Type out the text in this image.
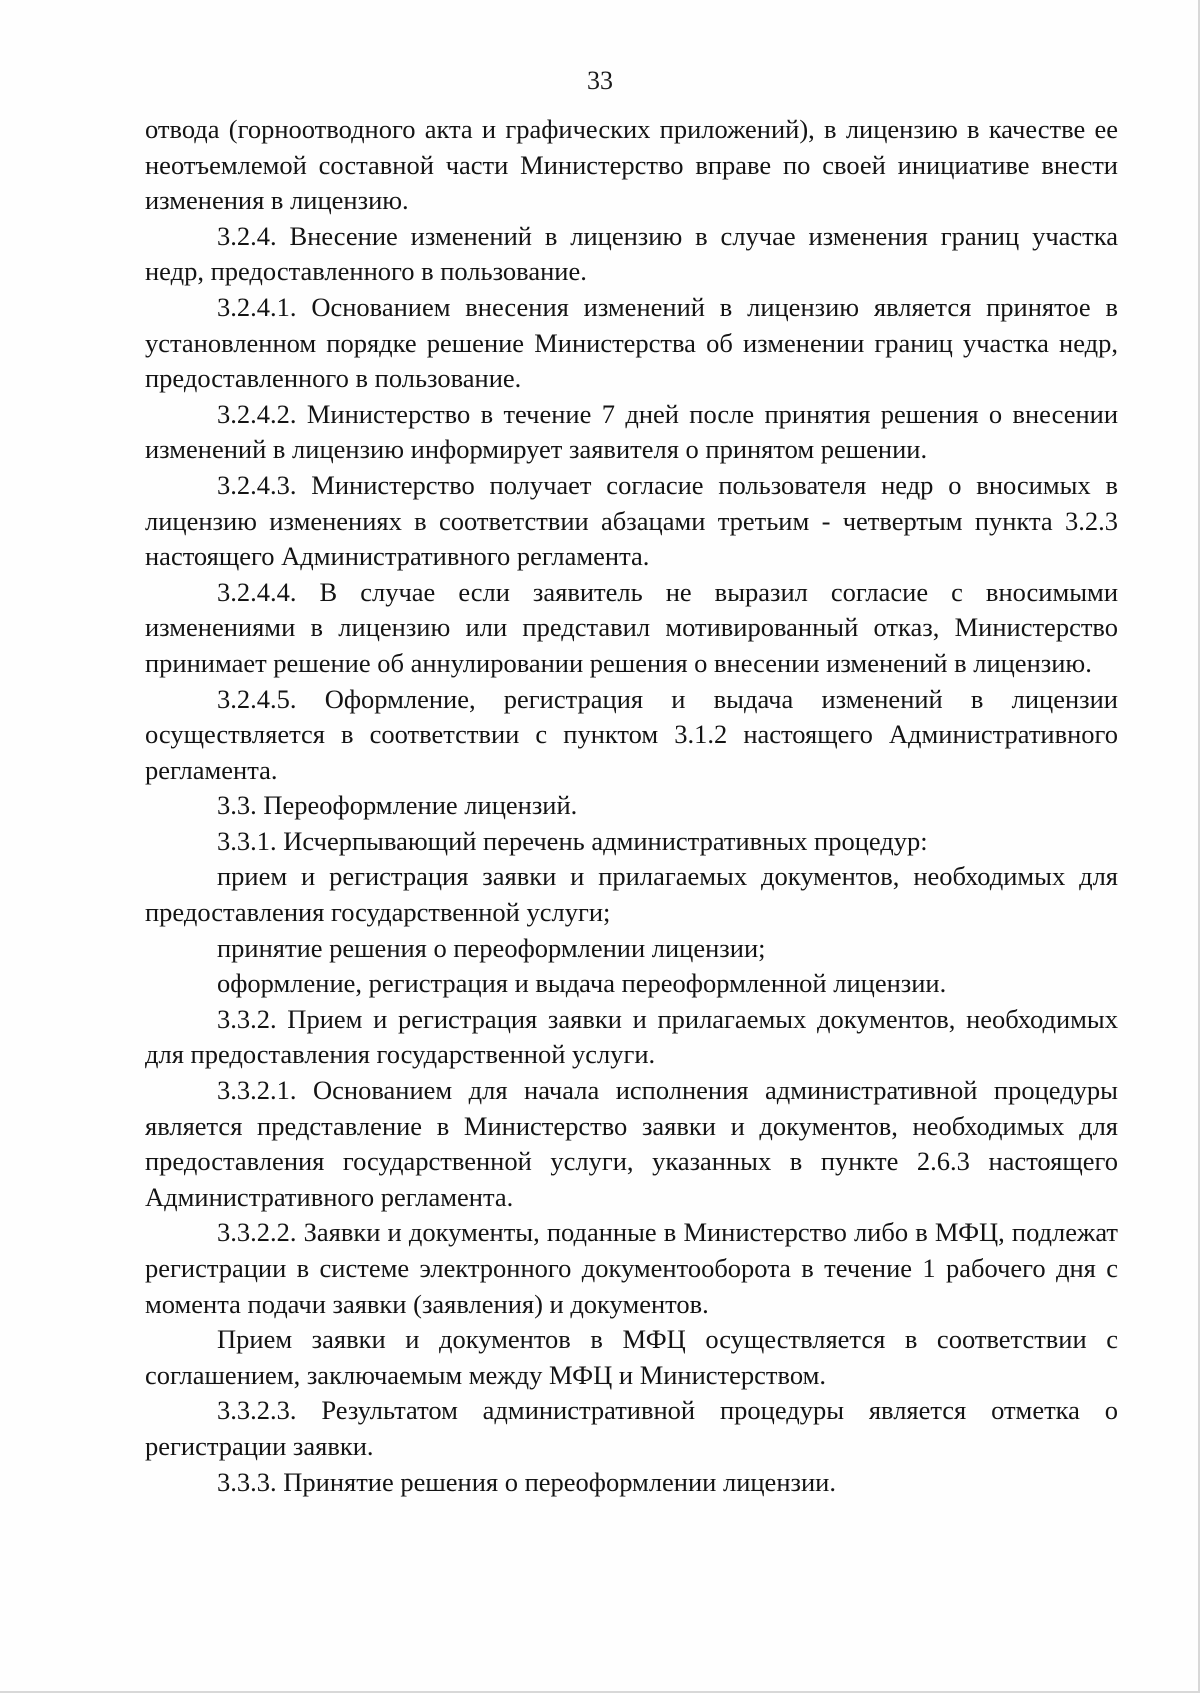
33

отвода (горноотводного акта и графических приложений), в лицензию в качестве ее неотъемлемой составной части Министерство вправе по своей инициативе внести изменения в лицензию.

3.2.4. Внесение изменений в лицензию в случае изменения границ участка недр, предоставленного в пользование.

3.2.4.1. Основанием внесения изменений в лицензию является принятое в установленном порядке решение Министерства об изменении границ участка недр, предоставленного в пользование.

3.2.4.2. Министерство в течение 7 дней после принятия решения о внесении изменений в лицензию информирует заявителя о принятом решении.

3.2.4.3. Министерство получает согласие пользователя недр о вносимых в лицензию изменениях в соответствии абзацами третьим - четвертым пункта 3.2.3 настоящего Административного регламента.

3.2.4.4. В случае если заявитель не выразил согласие с вносимыми изменениями в лицензию или представил мотивированный отказ, Министерство принимает решение об аннулировании решения о внесении изменений в лицензию.

3.2.4.5. Оформление, регистрация и выдача изменений в лицензии осуществляется в соответствии с пунктом 3.1.2 настоящего Административного регламента.

3.3. Переоформление лицензий.

3.3.1. Исчерпывающий перечень административных процедур:

прием и регистрация заявки и прилагаемых документов, необходимых для предоставления государственной услуги;

принятие решения о переоформлении лицензии;

оформление, регистрация и выдача переоформленной лицензии.

3.3.2. Прием и регистрация заявки и прилагаемых документов, необходимых для предоставления государственной услуги.

3.3.2.1. Основанием для начала исполнения административной процедуры является представление в Министерство заявки и документов, необходимых для предоставления государственной услуги, указанных в пункте 2.6.3 настоящего Административного регламента.

3.3.2.2. Заявки и документы, поданные в Министерство либо в МФЦ, подлежат регистрации в системе электронного документооборота в течение 1 рабочего дня с момента подачи заявки (заявления) и документов.

Прием заявки и документов в МФЦ осуществляется в соответствии с соглашением, заключаемым между МФЦ и Министерством.

3.3.2.3. Результатом административной процедуры является отметка о регистрации заявки.

3.3.3. Принятие решения о переоформлении лицензии.
